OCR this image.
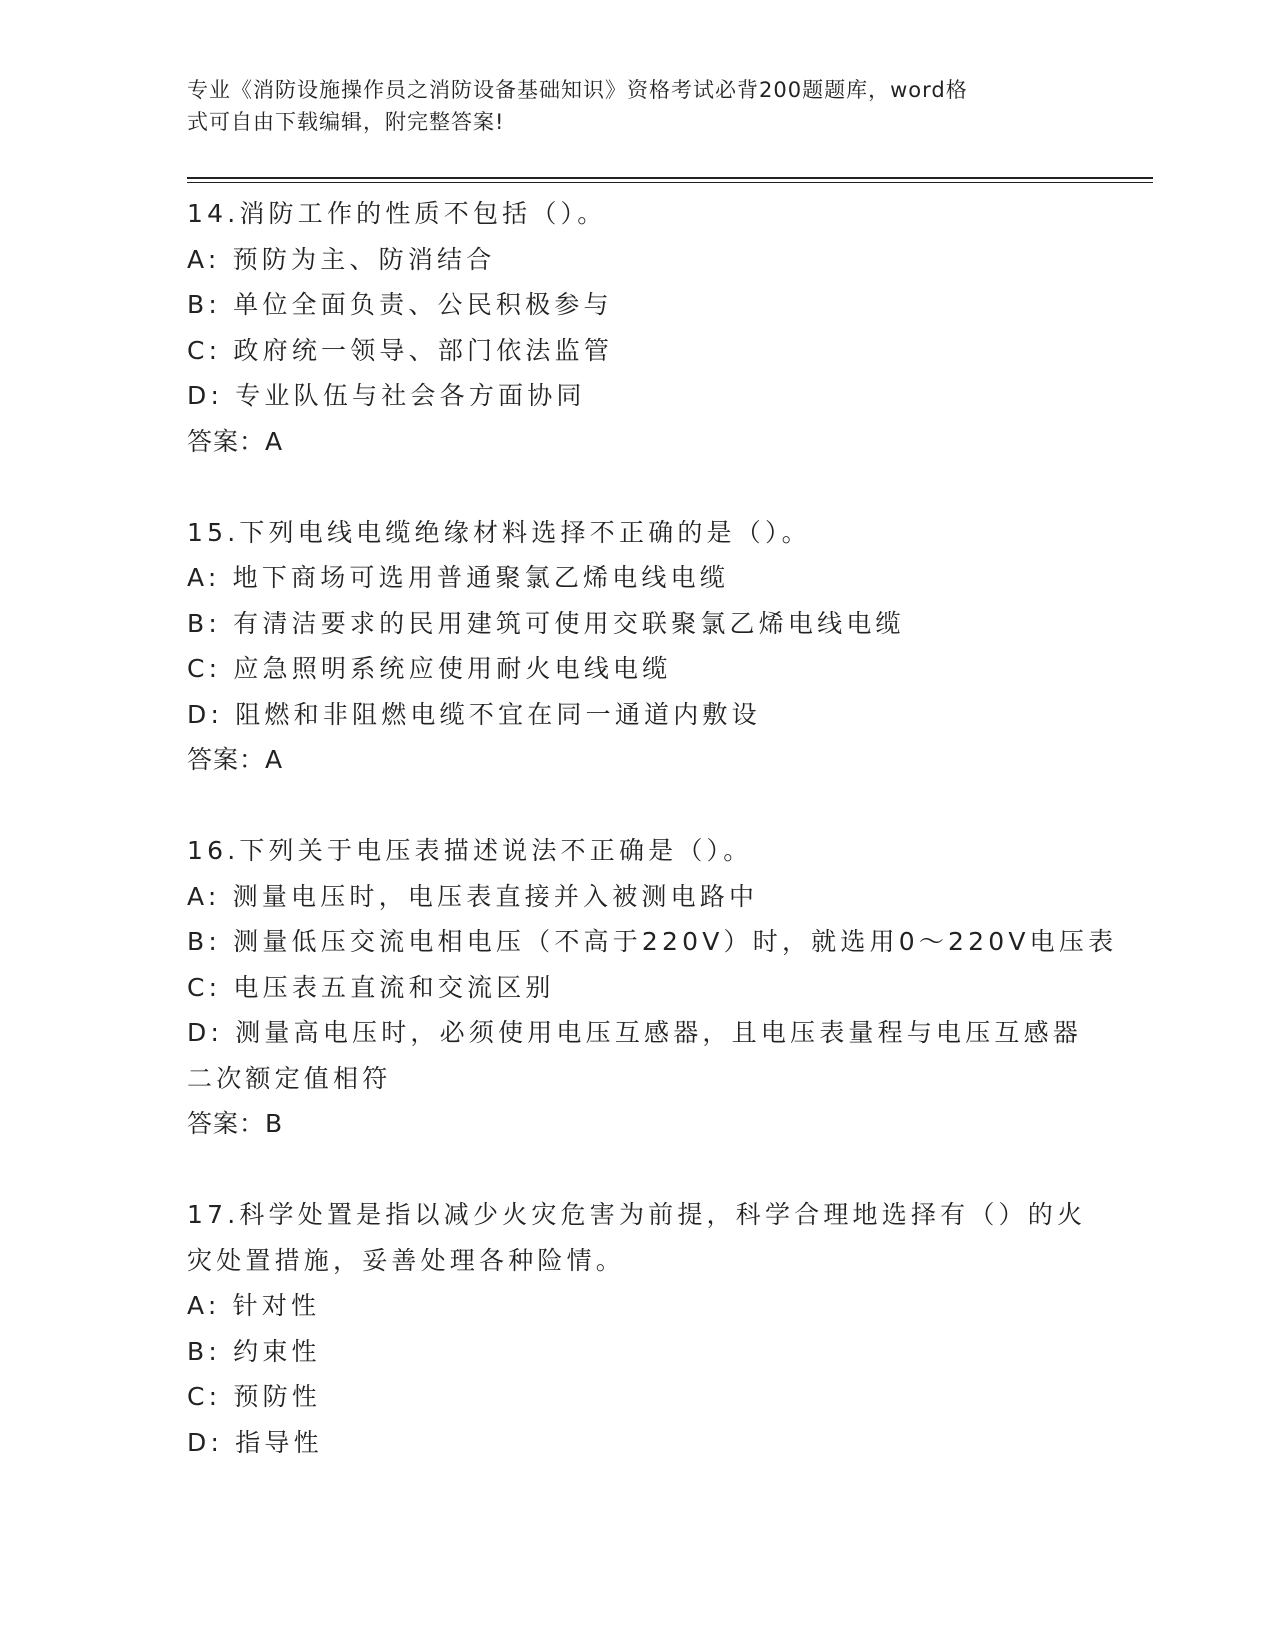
专业《消防设施操作员之消防设备基础知识》资格考试必背200题题库，word格
式可自由下载编辑，附完整答案!
14.消防工作的性质不包括（）。
A: 预防为主、防消结合
B: 单位全面负责、公民积极参与
C: 政府统一领导、部门依法监管
D: 专业队伍与社会各方面协同
答案：A
15.下列电线电缆绝缘材料选择不正确的是（）。
A: 地下商场可选用普通聚氯乙烯电线电缆
B: 有清洁要求的民用建筑可使用交联聚氯乙烯电线电缆
C: 应急照明系统应使用耐火电线电缆
D: 阻燃和非阻燃电缆不宜在同一通道内敷设
答案：A
16.下列关于电压表描述说法不正确是（）。
A: 测量电压时，电压表直接并入被测电路中
B: 测量低压交流电相电压（不高于220V）时，就选用0～220V电压表
C: 电压表五直流和交流区别
D: 测量高电压时，必须使用电压互感器，且电压表量程与电压互感器
二次额定值相符
答案：B
17.科学处置是指以减少火灾危害为前提，科学合理地选择有（）的火
灾处置措施，妥善处理各种险情。
A: 针对性
B: 约束性
C: 预防性
D: 指导性
